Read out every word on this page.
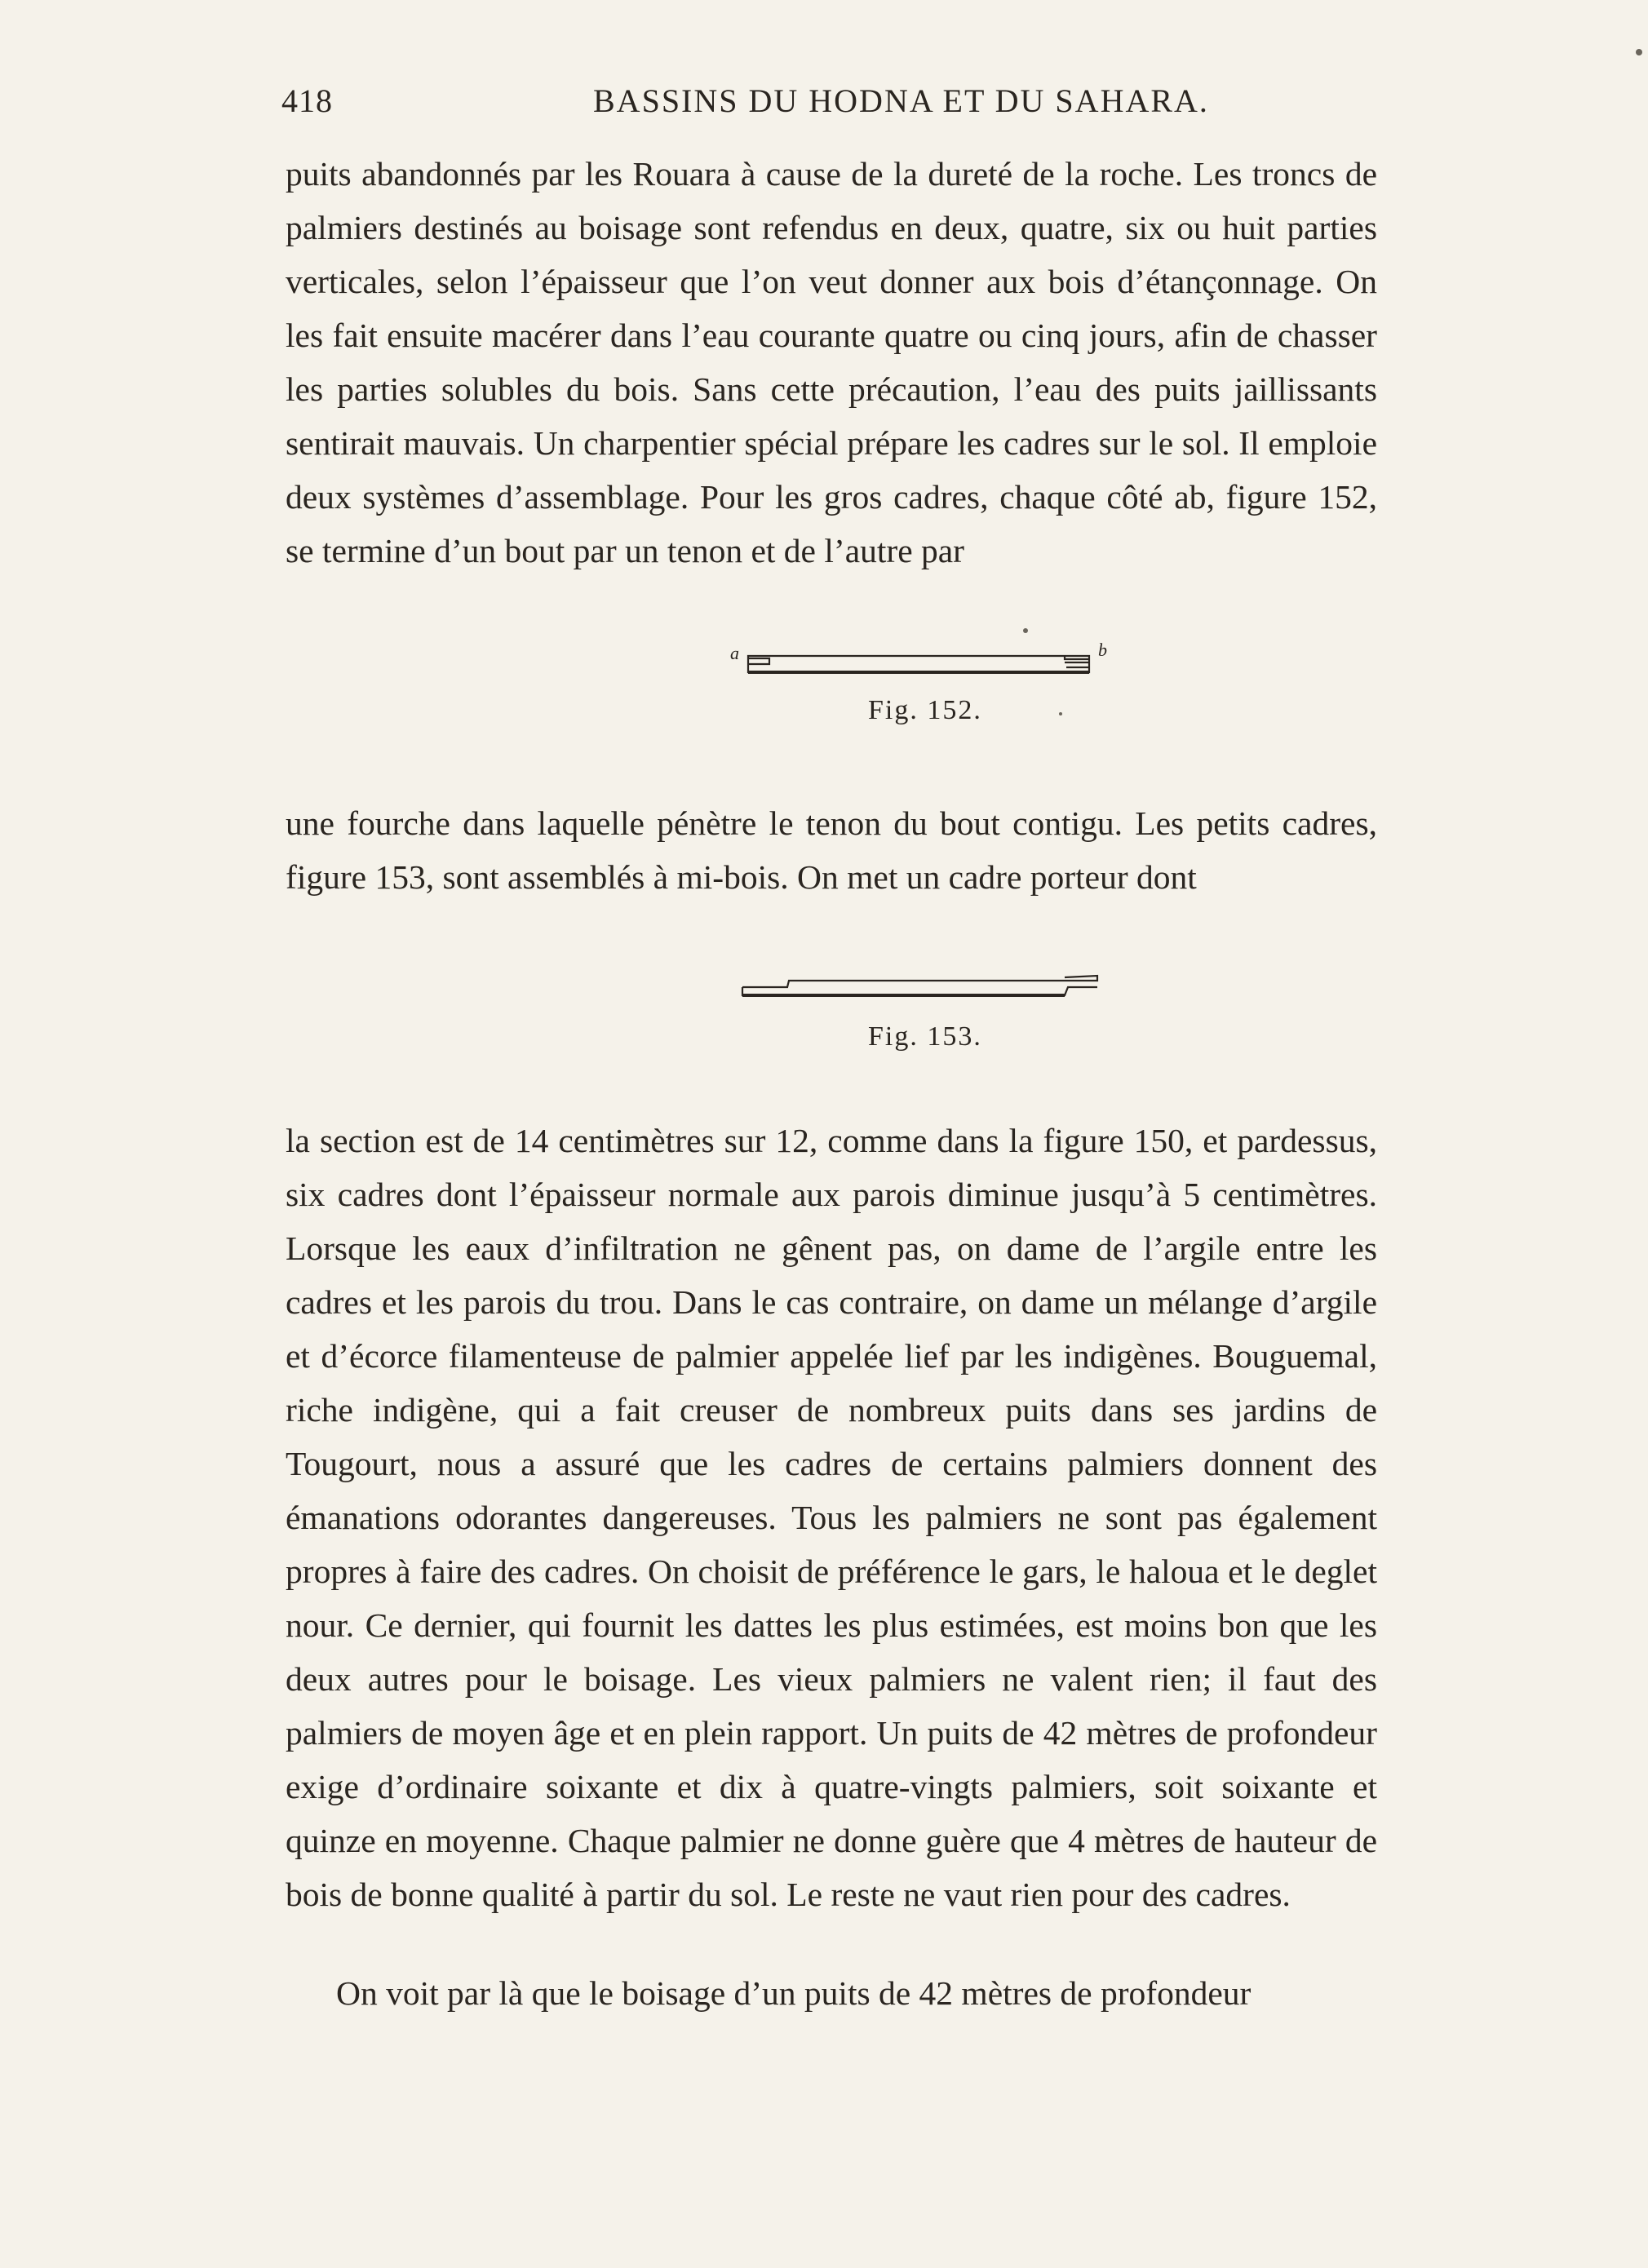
418	BASSINS DU HODNA ET DU SAHARA.

puits abandonnés par les Rouara à cause de la dureté de la roche. Les troncs de palmiers destinés au boisage sont refendus en deux, quatre, six ou huit parties verticales, selon l’épaisseur que l’on veut donner aux bois d’étançonnage. On les fait ensuite macérer dans l’eau courante quatre ou cinq jours, afin de chasser les parties solubles du bois. Sans cette précaution, l’eau des puits jaillissants sentirait mauvais. Un charpentier spécial prépare les cadres sur le sol. Il emploie deux systèmes d’assemblage. Pour les gros cadres, chaque côté ab, figure 152, se termine d’un bout par un tenon et de l’autre par

a	b
Fig. 152.

une fourche dans laquelle pénètre le tenon du bout contigu. Les petits cadres, figure 153, sont assemblés à mi-bois. On met un cadre porteur dont

Fig. 153.

la section est de 14 centimètres sur 12, comme dans la figure 150, et pardessus, six cadres dont l’épaisseur normale aux parois diminue jusqu’à 5 centimètres. Lorsque les eaux d’infiltration ne gênent pas, on dame de l’argile entre les cadres et les parois du trou. Dans le cas contraire, on dame un mélange d’argile et d’écorce filamenteuse de palmier appelée lief par les indigènes. Bouguemal, riche indigène, qui a fait creuser de nombreux puits dans ses jardins de Tougourt, nous a assuré que les cadres de certains palmiers donnent des émanations odorantes dangereuses. Tous les palmiers ne sont pas également propres à faire des cadres. On choisit de préférence le gars, le haloua et le deglet nour. Ce dernier, qui fournit les dattes les plus estimées, est moins bon que les deux autres pour le boisage. Les vieux palmiers ne valent rien; il faut des palmiers de moyen âge et en plein rapport. Un puits de 42 mètres de profondeur exige d’ordinaire soixante et dix à quatre-vingts palmiers, soit soixante et quinze en moyenne. Chaque palmier ne donne guère que 4 mètres de hauteur de bois de bonne qualité à partir du sol. Le reste ne vaut rien pour des cadres.

On voit par là que le boisage d’un puits de 42 mètres de profondeur
